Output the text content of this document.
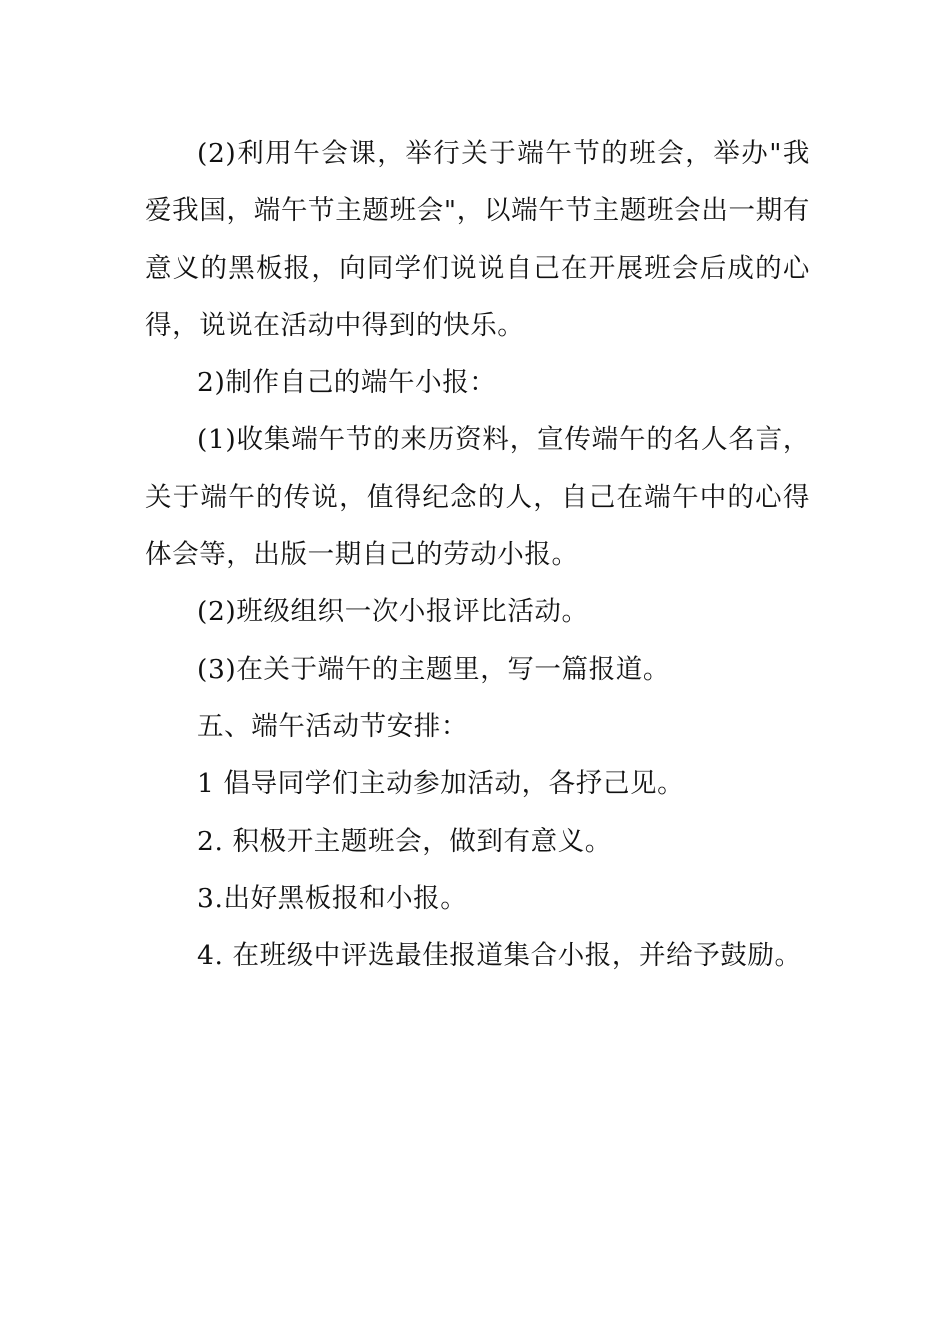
(2)利用午会课，举行关于端午节的班会，举办"我爱我国，端午节主题班会"，以端午节主题班会出一期有意义的黑板报，向同学们说说自己在开展班会后成的心得，说说在活动中得到的快乐。

2)制作自己的端午小报：

(1)收集端午节的来历资料，宣传端午的名人名言，关于端午的传说，值得纪念的人，自己在端午中的心得体会等，出版一期自己的劳动小报。

(2)班级组织一次小报评比活动。

(3)在关于端午的主题里，写一篇报道。

五、端午活动节安排：

1 倡导同学们主动参加活动，各抒己见。

2. 积极开主题班会，做到有意义。

3.出好黑板报和小报。

4. 在班级中评选最佳报道集合小报，并给予鼓励。
